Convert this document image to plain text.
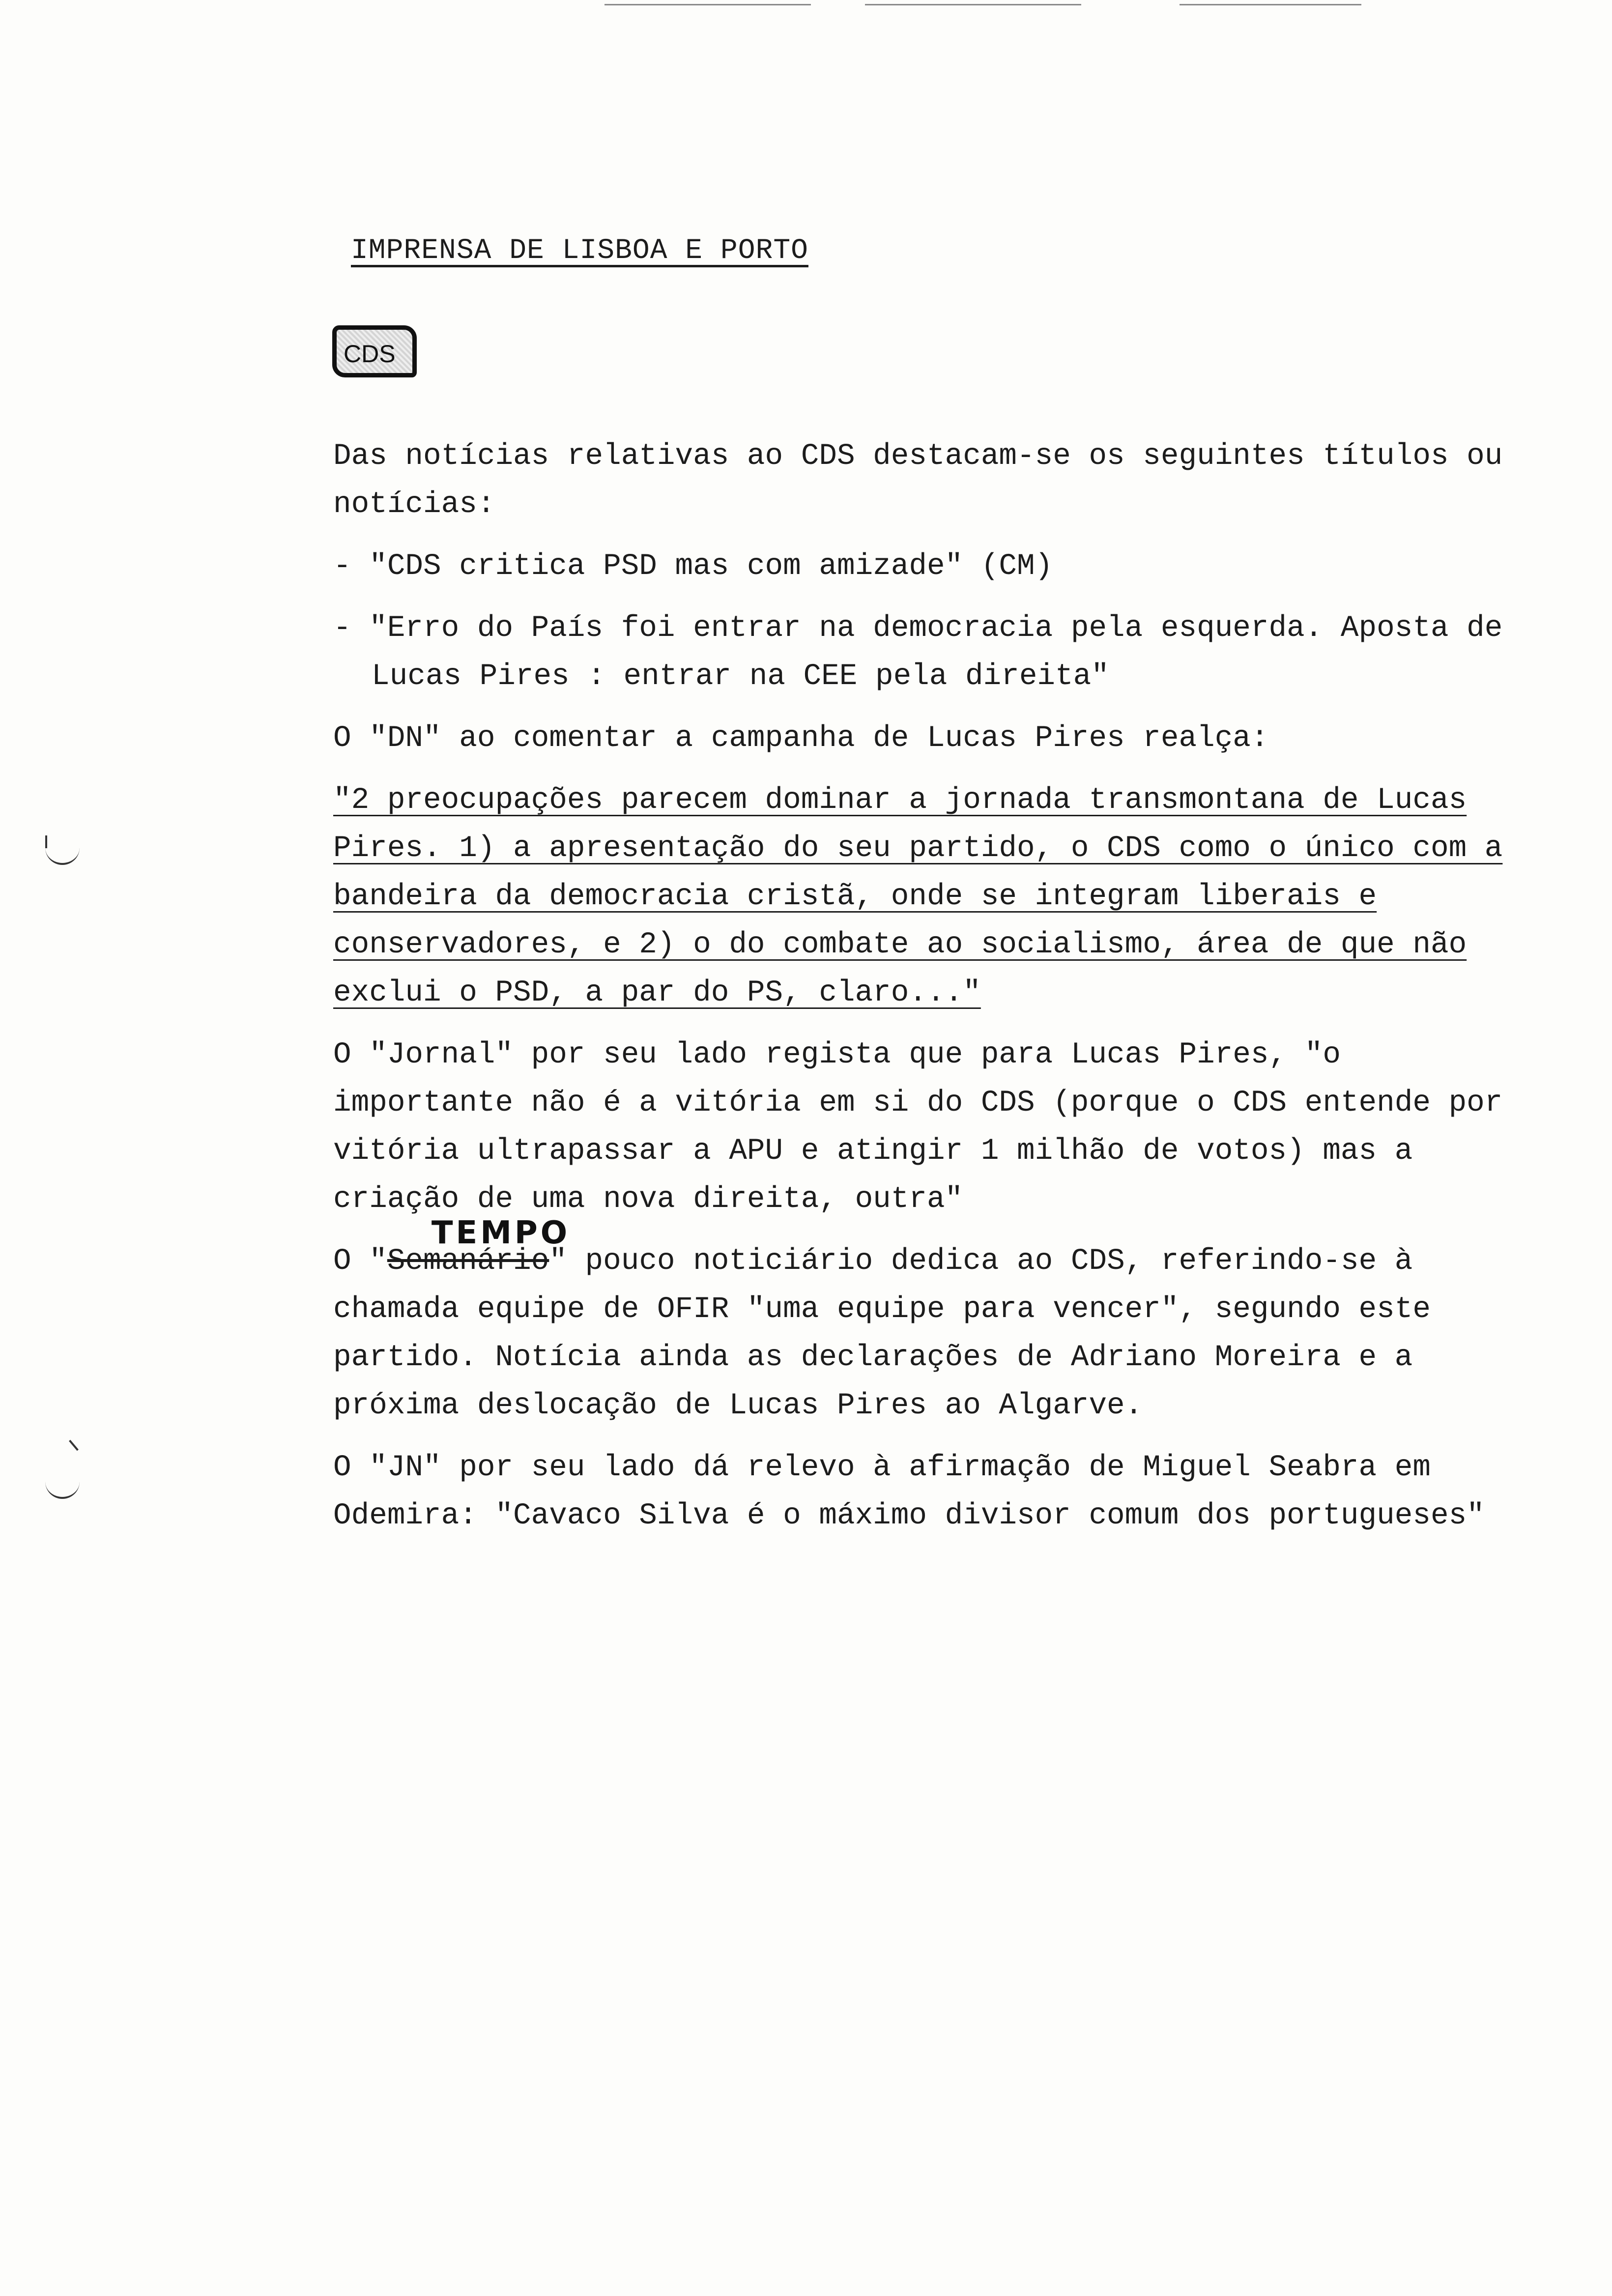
IMPRENSA DE LISBOA E PORTO
CDS

Das notícias relativas ao CDS destacam-se os seguintes títulos ou notícias:

- "CDS critica PSD mas com amizade" (CM)

- "Erro do País foi entrar na democracia pela esquerda. Aposta de Lucas Pires : entrar na CEE pela direita"

O "DN" ao comentar a campanha de Lucas Pires realça:

"2 preocupações parecem dominar a jornada transmontana de Lucas Pires. 1) a apresentação do seu partido, o CDS como o único com a bandeira da democracia cristã, onde se integram liberais e conservadores, e 2) o do combate ao socialismo, área de que não exclui o PSD, a par do PS, claro..."

O "Jornal" por seu lado regista que para Lucas Pires, "o importante não é a vitória em si do CDS (porque o CDS entende por vitória ultrapassar a APU e atingir 1 milhão de votos) mas a criação de uma nova direita, outra"

O "Semanário
TEMPO
" pouco noticiário dedica ao CDS, referindo-se à chamada equipe de OFIR "uma equipe para vencer", segundo este partido. Notícia ainda as declarações de Adriano Moreira e a próxima deslocação de Lucas Pires ao Algarve.

O "JN" por seu lado dá relevo à afirmação de Miguel Seabra em Odemira: "Cavaco Silva é o máximo divisor comum dos portugueses"
